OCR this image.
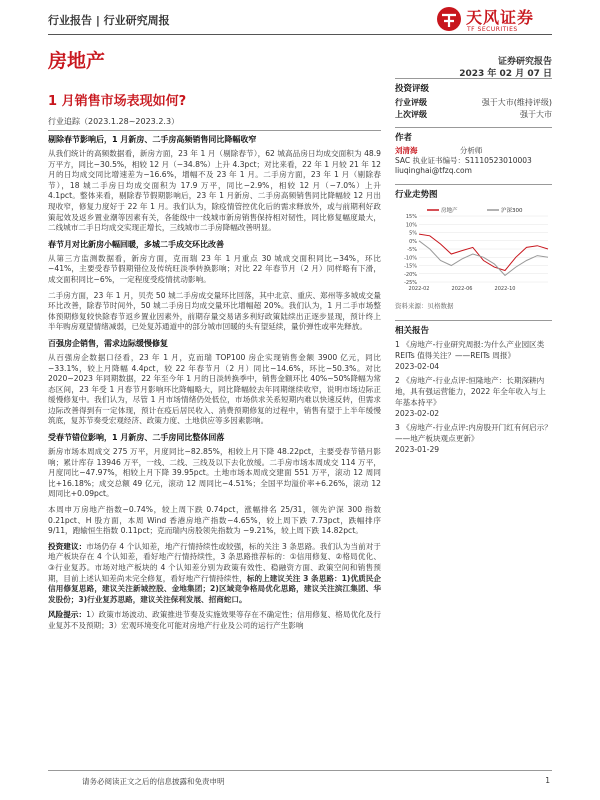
行业报告 | 行业研究周报	天风证券
TF SECURITIES
房地产	证券研究报告
2023 年 02 月 07 日
1 月销售市场表现如何?
行业追踪（2023.1.28~2023.2.3）
剔除春节影响后，1 月新房、二手房高频销售同比降幅收窄

从我们统计的高频数据看，新房方面，23 年 1 月（剔除春节），62 城高品房日均成交面积为 48.9 万平方，同比−30.5%，相较 12 月（−34.8%）上升 4.3pct；对比来看，22 年 1 月较 21 年 12 月的日均成交同比增速差为−16.6%，增幅不及 23 年 1 月。二手房方面，23 年 1 月（剔除春节），18 城二手房日均成交面积为 17.9 万平，同比−2.9%，相较 12 月（−7.0%）上升 4.1pct。整体来看，剔除春节假期影响后，23 年 1 月新房、二手房高频销售同比降幅较 12 月出现收窄，修复力度好于 22 年 1 月。我们认为，除疫情管控优化后的需求释放外，或与前期利好政策起效及返乡置业潮等因素有关，各能级中一线城市新房销售保持相对韧性，同比修复幅度最大，二线城市二手日均成交实现正增长，三线城市二手房降幅改善明显。

春节月对比新房小幅回暖，多城二手成交环比改善

从第三方监测数据看，新房方面，克而瑞 23 年 1 月重点 30 城成交面积同比−34%，环比−41%，主要受春节假期错位及传统旺淡季转换影响；对比 22 年春节月（2 月）同样略有下滑，成交面积同比−6%，一定程度受疫情扰动影响。

二手房方面，23 年 1 月，贝壳 50 城二手房成交量环比回落，其中北京、重庆、郑州等多城成交量环比改善，除春节时间外，50 城二手房日均成交量环比增幅超 20%。我们认为，1 月二手市场整体预期修复较快除春节返乡置业因素外，前期存量交易诸多利好政策陆续出正逐步显现，预计终上半年购房观望情绪减弱，已处复苏通道中的部分城市回暖的头有望延续，量价弹性或率先释放。

百强房企销售，需求边际缓慢修复

从百强房企数据口径看，23 年 1 月，克而瑞 TOP100 房企实现销售金额 3900 亿元，同比−33.1%，较上月降幅 4.4pct，较 22 年春节月（2 月）同比−14.6%，环比−50.3%。对比 2020~2023 年同期数据，22 年至今年 1 月的日淡转换季中，销售金额环比 40%~50%降幅为常态区间，23 年受 1 月春节月影响环比降幅略大，同比降幅较去年同期继续收窄，说明市场边际正缓慢修复中。我们认为，尽管 1 月市场情绪仍处低位，市场供求关系短期内难以快速反转，但需求边际改善得到有一定体现，预计在疫后居民收入、消费预期修复的过程中，销售有望于上半年缓慢筑底，复苏节奏受宏观经济、政策力度、土地供应等多因素影响。

受春节错位影响，1 月新房、二手房同比整体回落

新房市场本周成交 275 万平，月度同比−82.85%，相较上月下降 48.22pct，主要受春节错月影响；累计库存 13946 万平，一线、二线、三线及以下去化放缓。二手房市场本周成交 114 万平，月度同比−47.97%，相较上月下降 39.95pct。土地市场本周成交建面 551 万平，滚动 12 周同比+16.18%；成交总额 49 亿元，滚动 12 周同比−4.51%；全国平均溢价率+6.26%，滚动 12 周同比+0.09pct。

本周申万房地产指数−0.74%，较上周下跌 0.74pct，涨幅排名 25/31，领先沪深 300 指数 0.21pct、H 股方面，本周 Wind 香港房地产指数−4.65%，较上周下跌 7.73pct，跌幅排序 9/11，跑输恒生指数 0.11pct；克而瑞内房股领先指数为 −9.21%，较上周下跌 14.82pct。

投资建议：市场仍存 4 个认知差，地产行情持续性或较强，标的关注 3 条思路。我们认为当前对于地产板块存在 4 个认知差，看好地产行情持续性，3 条思路推荐标的：①信用修复、②格局优化、③行业复苏。市场对地产板块的 4 个认知差分别为政策有效性、稳融资方面、政策空间和销售预期，目前上述认知差尚未完全修复，看好地产行情持续性，标的上建议关注 3 条思路：1)优质民企信用修复思路，建议关注新城控股、金地集团；2)区域竞争格局优化思路，建议关注滨江集团、华发股份；3)行业复苏思路，建议关注保利发展、招商蛇口。

风险提示：1）政策市场波动、政策推进节奏及实施效果等存在不确定性；信用修复、格局优化及行业复苏不及预期；3）宏观环境变化可能对房地产行业及公司的运行产生影响

投资评级
行业评级	强于大市(维持评级)
上次评级	强于大市
作者
刘清海	分析师
SAC 执业证书编号：S1110523010003
liuqinghai@tfzq.com
行业走势图
15%
10%
5%
0%
-5%
-10%
-15%
-20%
-25%
2022-02	2022-06	2022-10
房地产	沪深300
资料来源：贝格数据
相关报告
1 《房地产-行业研究周报:为什么产业园区类 REITs 值得关注？——REITs 周报》
2023-02-04
2 《房地产-行业点评:恒隆地产：长期深耕内地，具有强运营能力，2022 年全年收入与上年基本持平》
2023-02-02
3 《房地产-行业点评:内房股开门红有何启示？——地产板块观点更新》
2023-01-29
请务必阅读正文之后的信息披露和免责申明	1
